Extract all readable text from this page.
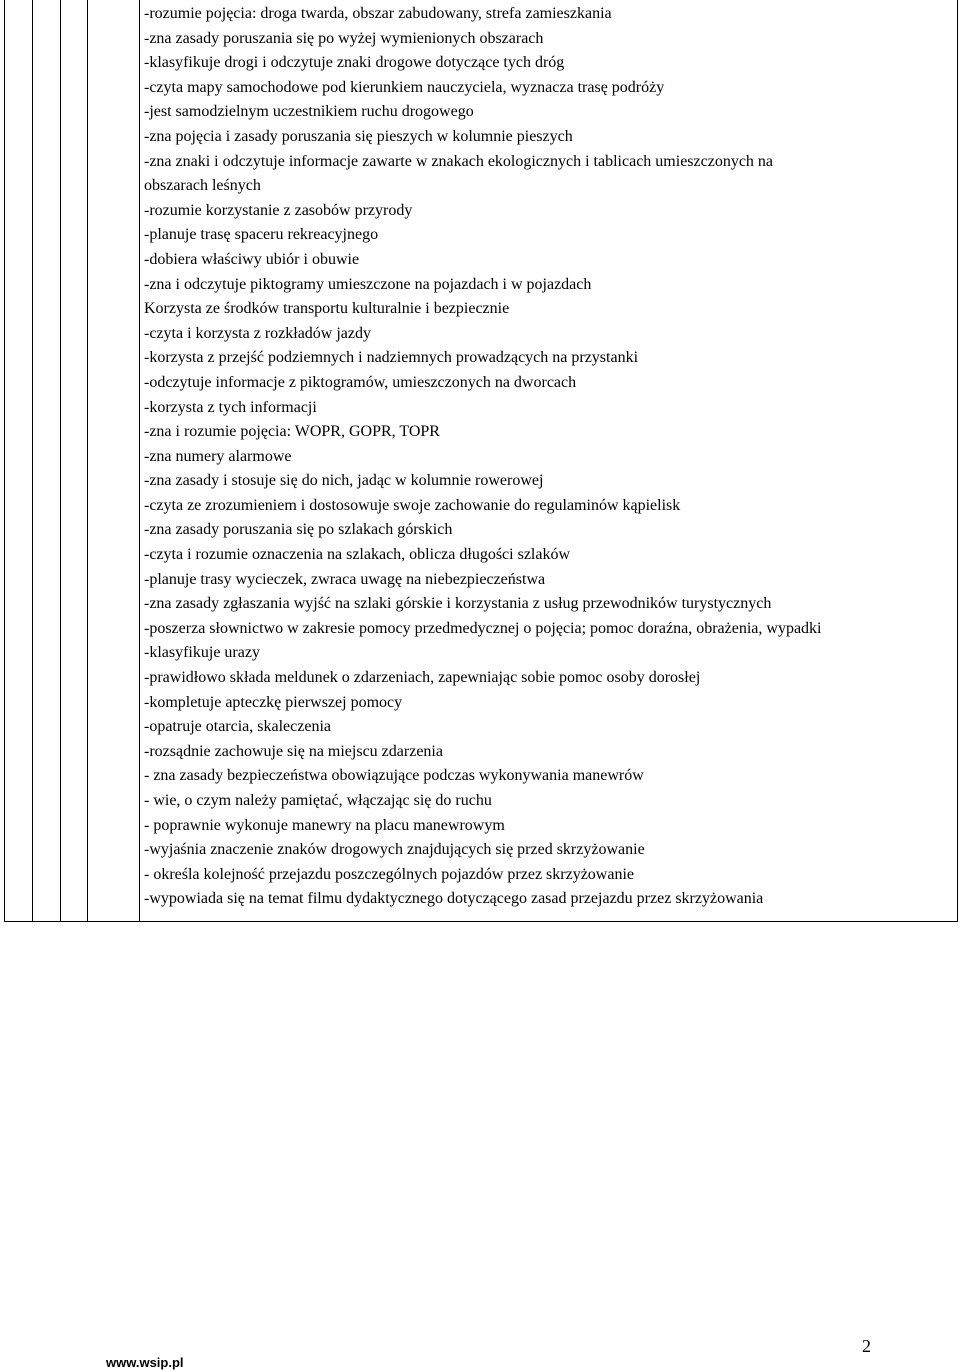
-rozumie pojęcia: droga twarda, obszar zabudowany, strefa zamieszkania
-zna zasady poruszania się po wyżej wymienionych obszarach
-klasyfikuje drogi i odczytuje znaki drogowe dotyczące tych dróg
-czyta mapy samochodowe pod kierunkiem nauczyciela, wyznacza trasę podróży
-jest samodzielnym uczestnikiem ruchu drogowego
-zna pojęcia i zasady poruszania się pieszych w kolumnie pieszych
-zna znaki i odczytuje informacje zawarte w znakach ekologicznych i tablicach umieszczonych na
obszarach leśnych
-rozumie korzystanie z zasobów przyrody
-planuje trasę spaceru rekreacyjnego
-dobiera właściwy ubiór i obuwie
-zna i odczytuje piktogramy umieszczone na pojazdach i w pojazdach
Korzysta ze środków transportu kulturalnie i bezpiecznie
-czyta i korzysta z rozkładów jazdy
-korzysta z przejść podziemnych i nadziemnych prowadzących na przystanki
-odczytuje informacje z piktogramów, umieszczonych na dworcach
-korzysta z tych informacji
-zna i rozumie pojęcia: WOPR, GOPR, TOPR
-zna numery alarmowe
-zna zasady i stosuje się do nich, jadąc w kolumnie rowerowej
-czyta ze zrozumieniem i dostosowuje swoje zachowanie do regulaminów kąpielisk
-zna zasady poruszania się po szlakach górskich
-czyta i rozumie oznaczenia na szlakach, oblicza długości szlaków
-planuje trasy wycieczek, zwraca uwagę na niebezpieczeństwa
-zna zasady zgłaszania wyjść na szlaki górskie i korzystania z usług przewodników turystycznych
-poszerza słownictwo w zakresie pomocy przedmedycznej o pojęcia; pomoc doraźna, obrażenia, wypadki
-klasyfikuje urazy
-prawidłowo składa meldunek o zdarzeniach, zapewniając sobie pomoc osoby dorosłej
-kompletuje apteczkę pierwszej pomocy
-opatruje otarcia, skaleczenia
-rozsądnie zachowuje się na miejscu zdarzenia
- zna zasady bezpieczeństwa obowiązujące podczas wykonywania manewrów
- wie, o czym należy pamiętać, włączając się do ruchu
- poprawnie wykonuje manewry na placu manewrowym
-wyjaśnia znaczenie znaków drogowych znajdujących się przed skrzyżowanie
- określa kolejność przejazdu poszczególnych pojazdów przez skrzyżowanie
-wypowiada się na temat filmu dydaktycznego dotyczącego zasad przejazdu przez skrzyżowania
2
www.wsip.pl
